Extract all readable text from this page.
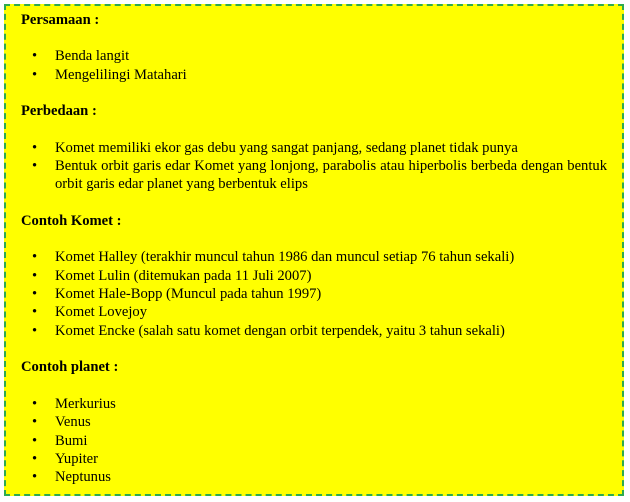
Persamaan :

• Benda langit
• Mengelilingi Matahari

Perbedaan :

• Komet memiliki ekor gas debu yang sangat panjang, sedang planet tidak punya
• Bentuk orbit garis edar Komet yang lonjong, parabolis atau hiperbolis berbeda dengan bentuk orbit garis edar planet yang berbentuk elips

Contoh Komet :

• Komet Halley (terakhir muncul tahun 1986 dan muncul setiap 76 tahun sekali)
• Komet Lulin (ditemukan pada 11 Juli 2007)
• Komet Hale-Bopp (Muncul pada tahun 1997)
• Komet Lovejoy
• Komet Encke (salah satu komet dengan orbit terpendek, yaitu 3 tahun sekali)

Contoh planet :

• Merkurius
• Venus
• Bumi
• Yupiter
• Neptunus
